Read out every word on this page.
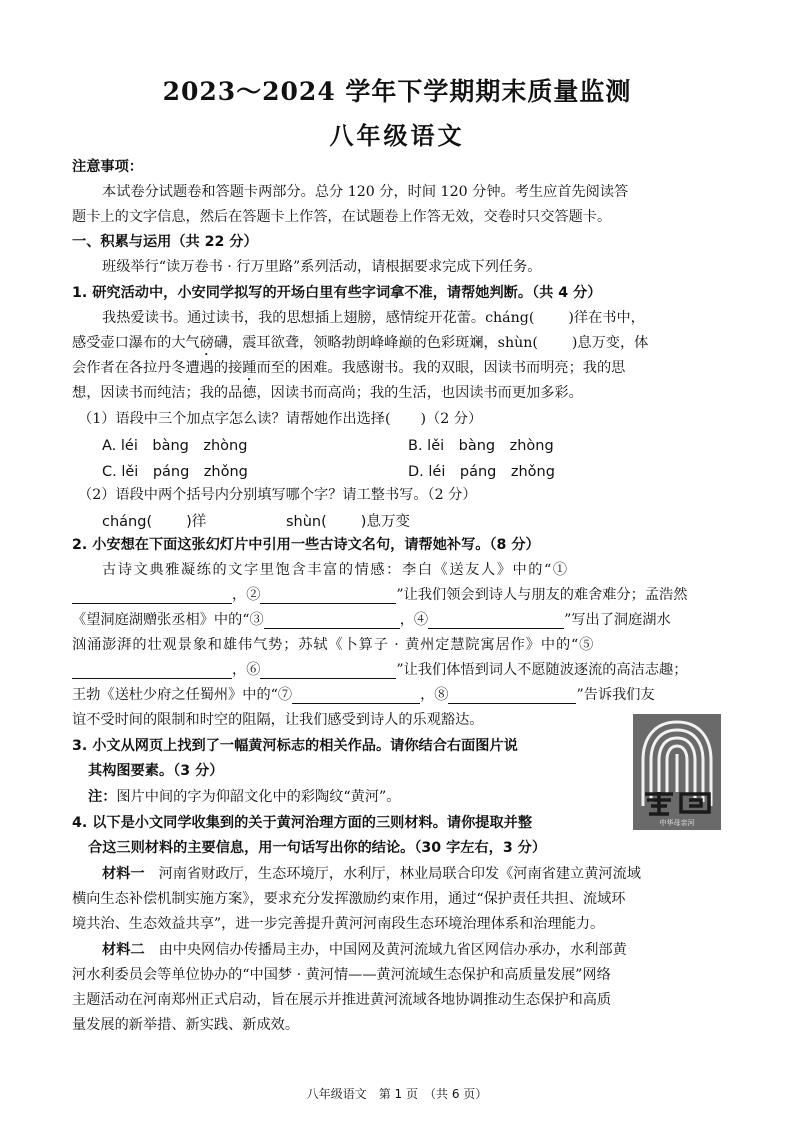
2023～2024 学年下学期期末质量监测
八年级语文
注意事项：
本试卷分试题卷和答题卡两部分。总分 120 分，时间 120 分钟。考生应首先阅读答
题卡上的文字信息，然后在答题卡上作答，在试题卷上作答无效，交卷时只交答题卡。
一、积累与运用（共 22 分）
班级举行“读万卷书 · 行万里路”系列活动，请根据要求完成下列任务。
1. 研究活动中，小安同学拟写的开场白里有些字词拿不准，请帮她判断。（共 4 分）
我热爱读书。通过读书，我的思想插上翅膀，感情绽开花蕾。cháng( )徉在书中，
感受壶口瀑布的大气磅礴，震耳欲聋，领略勃朗峰峰巅的色彩斑斓，shùn( )息万变，体
会作者在各拉丹冬遭遇的接踵而至的困难。我感谢书。我的双眼，因读书而明亮；我的思
想，因读书而纯洁；我的品德，因读书而高尚；我的生活，也因读书而更加多彩。
（1）语段中三个加点字怎么读？请帮她作出选择( )（2 分）
A. léi　bàng　zhòng	B. lěi　bàng　zhòng
C. lěi　páng　zhǒng	D. léi　páng　zhǒng
（2）语段中两个括号内分别填写哪个字？请工整书写。（2 分）
cháng( )徉	shùn( )息万变
2. 小安想在下面这张幻灯片中引用一些古诗文名句，请帮她补写。（8 分）
古诗文典雅凝练的文字里饱含丰富的情感：李白《送友人》中的“①
，②	”让我们领会到诗人与朋友的难舍难分；孟浩然
《望洞庭湖赠张丞相》中的“③	，④	”写出了洞庭湖水
汹涌澎湃的壮观景象和雄伟气势；苏轼《卜算子 · 黄州定慧院寓居作》中的“⑤
，⑥	”让我们体悟到词人不愿随波逐流的高洁志趣；
王勃《送杜少府之任蜀州》中的“⑦	，⑧	”告诉我们友
谊不受时间的限制和时空的阻隔，让我们感受到诗人的乐观豁达。
3. 小文从网页上找到了一幅黄河标志的相关作品。请你结合右面图片说
其构图要素。（3 分）
注：图片中间的字为仰韶文化中的彩陶纹“黄河”。
中华母亲河
4. 以下是小文同学收集到的关于黄河治理方面的三则材料。请你提取并整
合这三则材料的主要信息，用一句话写出你的结论。（30 字左右，3 分）
材料一 河南省财政厅，生态环境厅，水利厅，林业局联合印发《河南省建立黄河流域
横向生态补偿机制实施方案》，要求充分发挥激励约束作用，通过“保护责任共担、流域环
境共治、生态效益共享”，进一步完善提升黄河河南段生态环境治理体系和治理能力。
材料二 由中央网信办传播局主办，中国网及黄河流域九省区网信办承办，水利部黄
河水利委员会等单位协办的“中国梦 · 黄河情——黄河流域生态保护和高质量发展”网络
主题活动在河南郑州正式启动，旨在展示并推进黄河流域各地协调推动生态保护和高质
量发展的新举措、新实践、新成效。
八年级语文　第 1 页　（共 6 页）
